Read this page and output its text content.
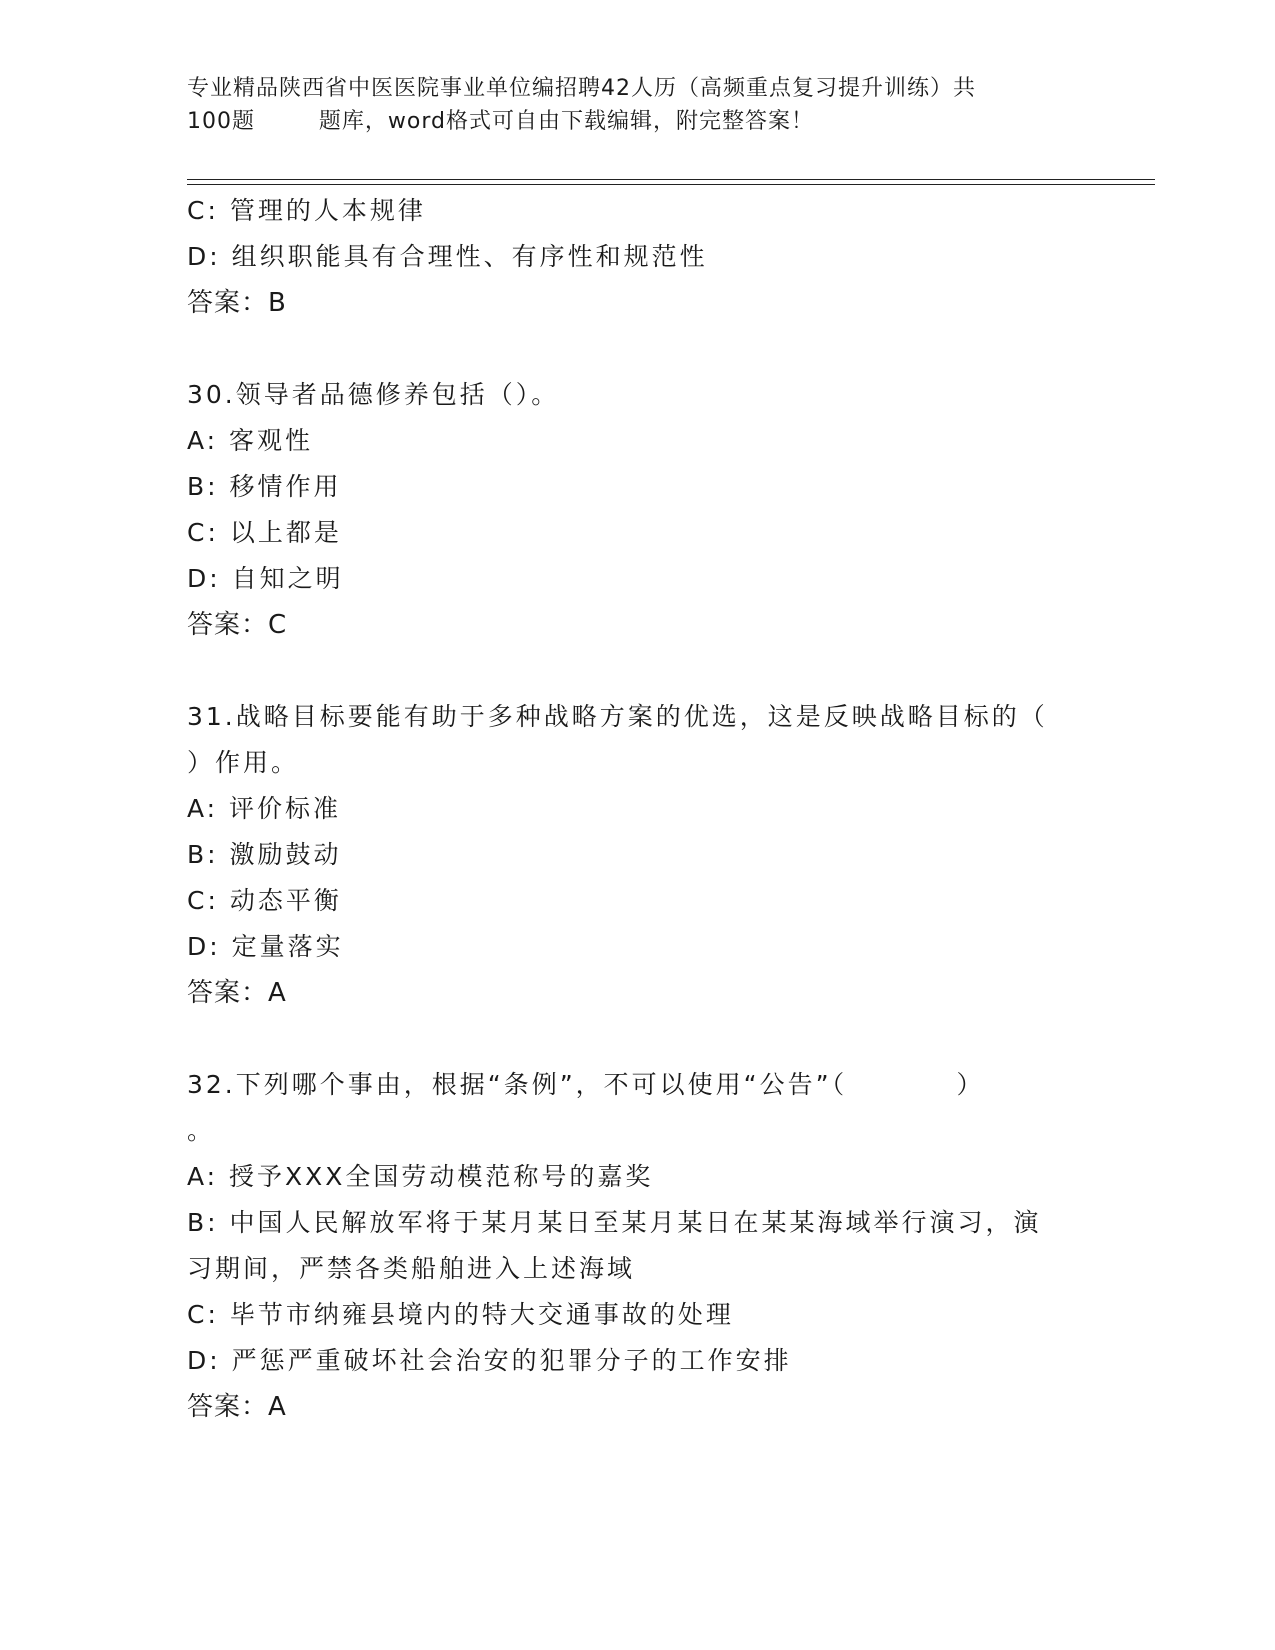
专业精品陕西省中医医院事业单位编招聘42人历（高频重点复习提升训练）共

100题        题库，word格式可自由下载编辑，附完整答案！
C: 管理的人本规律
D: 组织职能具有合理性、有序性和规范性
答案：B
30.领导者品德修养包括（）。
A: 客观性
B: 移情作用
C: 以上都是
D: 自知之明
答案：C
31.战略目标要能有助于多种战略方案的优选，这是反映战略目标的（
）作用。
A: 评价标准
B: 激励鼓动
C: 动态平衡
D: 定量落实
答案：A
32.下列哪个事由，根据“条例”，不可以使用“公告”（          ）
。
A: 授予XXX全国劳动模范称号的嘉奖
B: 中国人民解放军将于某月某日至某月某日在某某海域举行演习，演
习期间，严禁各类船舶进入上述海域
C: 毕节市纳雍县境内的特大交通事故的处理
D: 严惩严重破坏社会治安的犯罪分子的工作安排
答案：A
